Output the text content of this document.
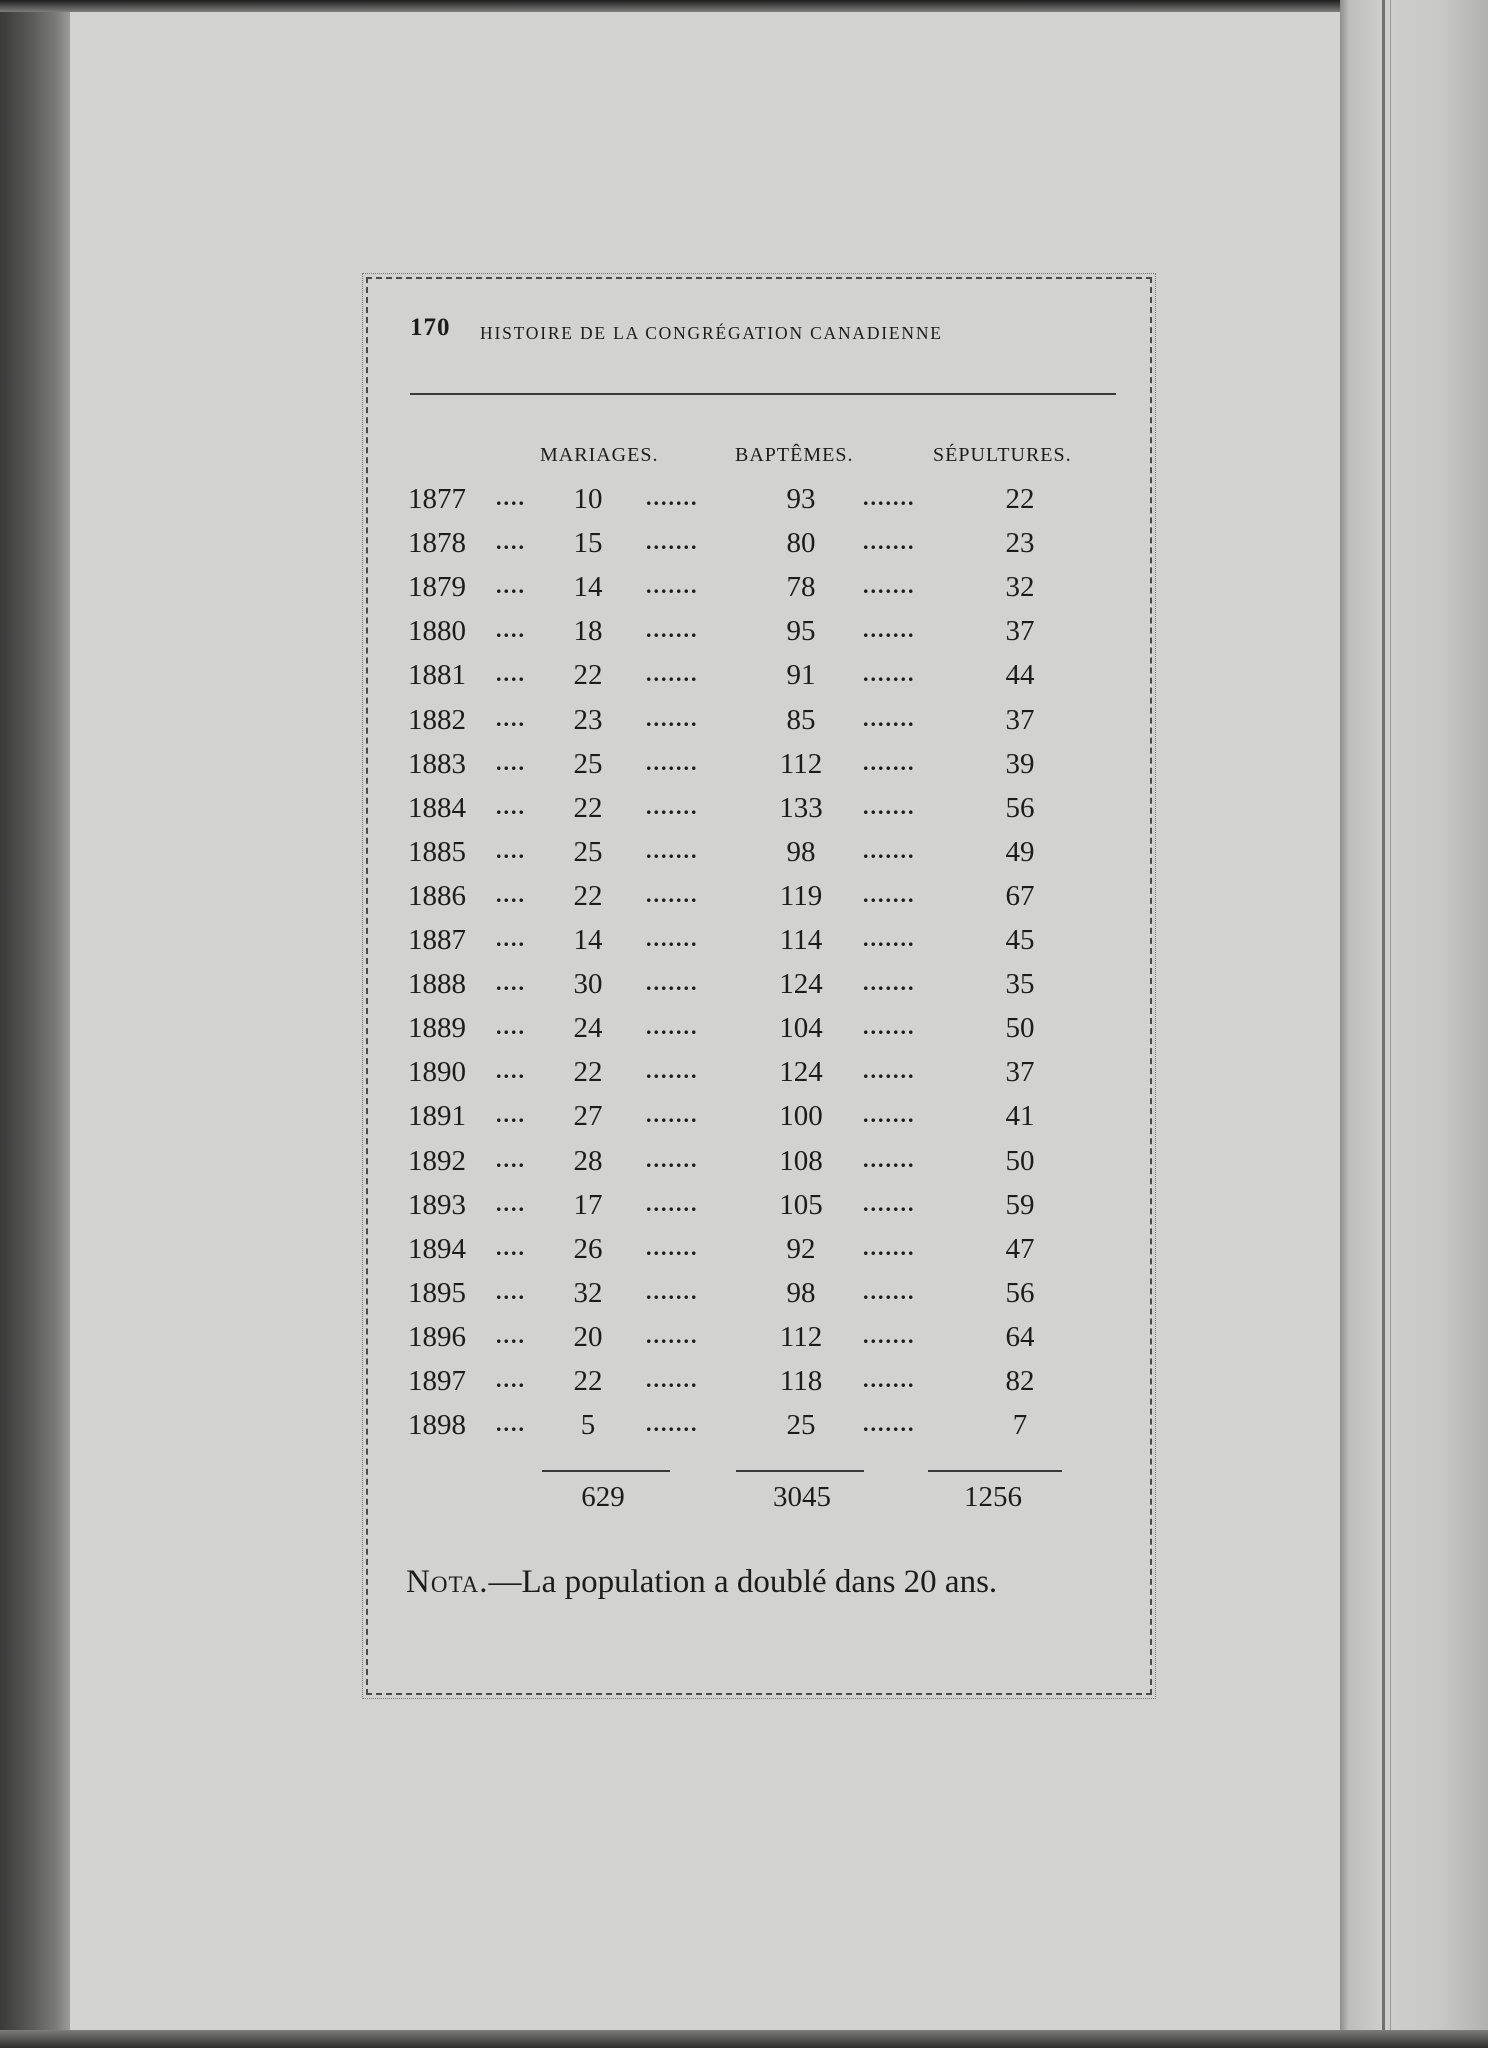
170 HISTOIRE DE LA CONGRÉGATION CANADIENNE
MARIAGES.	BAPTÊMES.	SÉPULTURES.
1877 ....	10	.......	93	.......	22
1878 ....	15	.......	80	.......	23
1879 ....	14	.......	78	.......	32
1880 ....	18	.......	95	.......	37
1881 ....	22	.......	91	.......	44
1882 ....	23	.......	85	.......	37
1883 ....	25	.......	112	.......	39
1884 ....	22	.......	133	.......	56
1885 ....	25	.......	98	.......	49
1886 ....	22	.......	119	.......	67
1887 ....	14	.......	114	.......	45
1888 ....	30	.......	124	.......	35
1889 ....	24	.......	104	.......	50
1890 ....	22	.......	124	.......	37
1891 ....	27	.......	100	.......	41
1892 ....	28	.......	108	.......	50
1893 ....	17	.......	105	.......	59
1894 ....	26	.......	92	.......	47
1895 ....	32	.......	98	.......	56
1896 ....	20	.......	112	.......	64
1897 ....	22	.......	118	.......	82
1898 ....	5	.......	25	.......	7
629	3045	1256
Nota.—La population a doublé dans 20 ans.
